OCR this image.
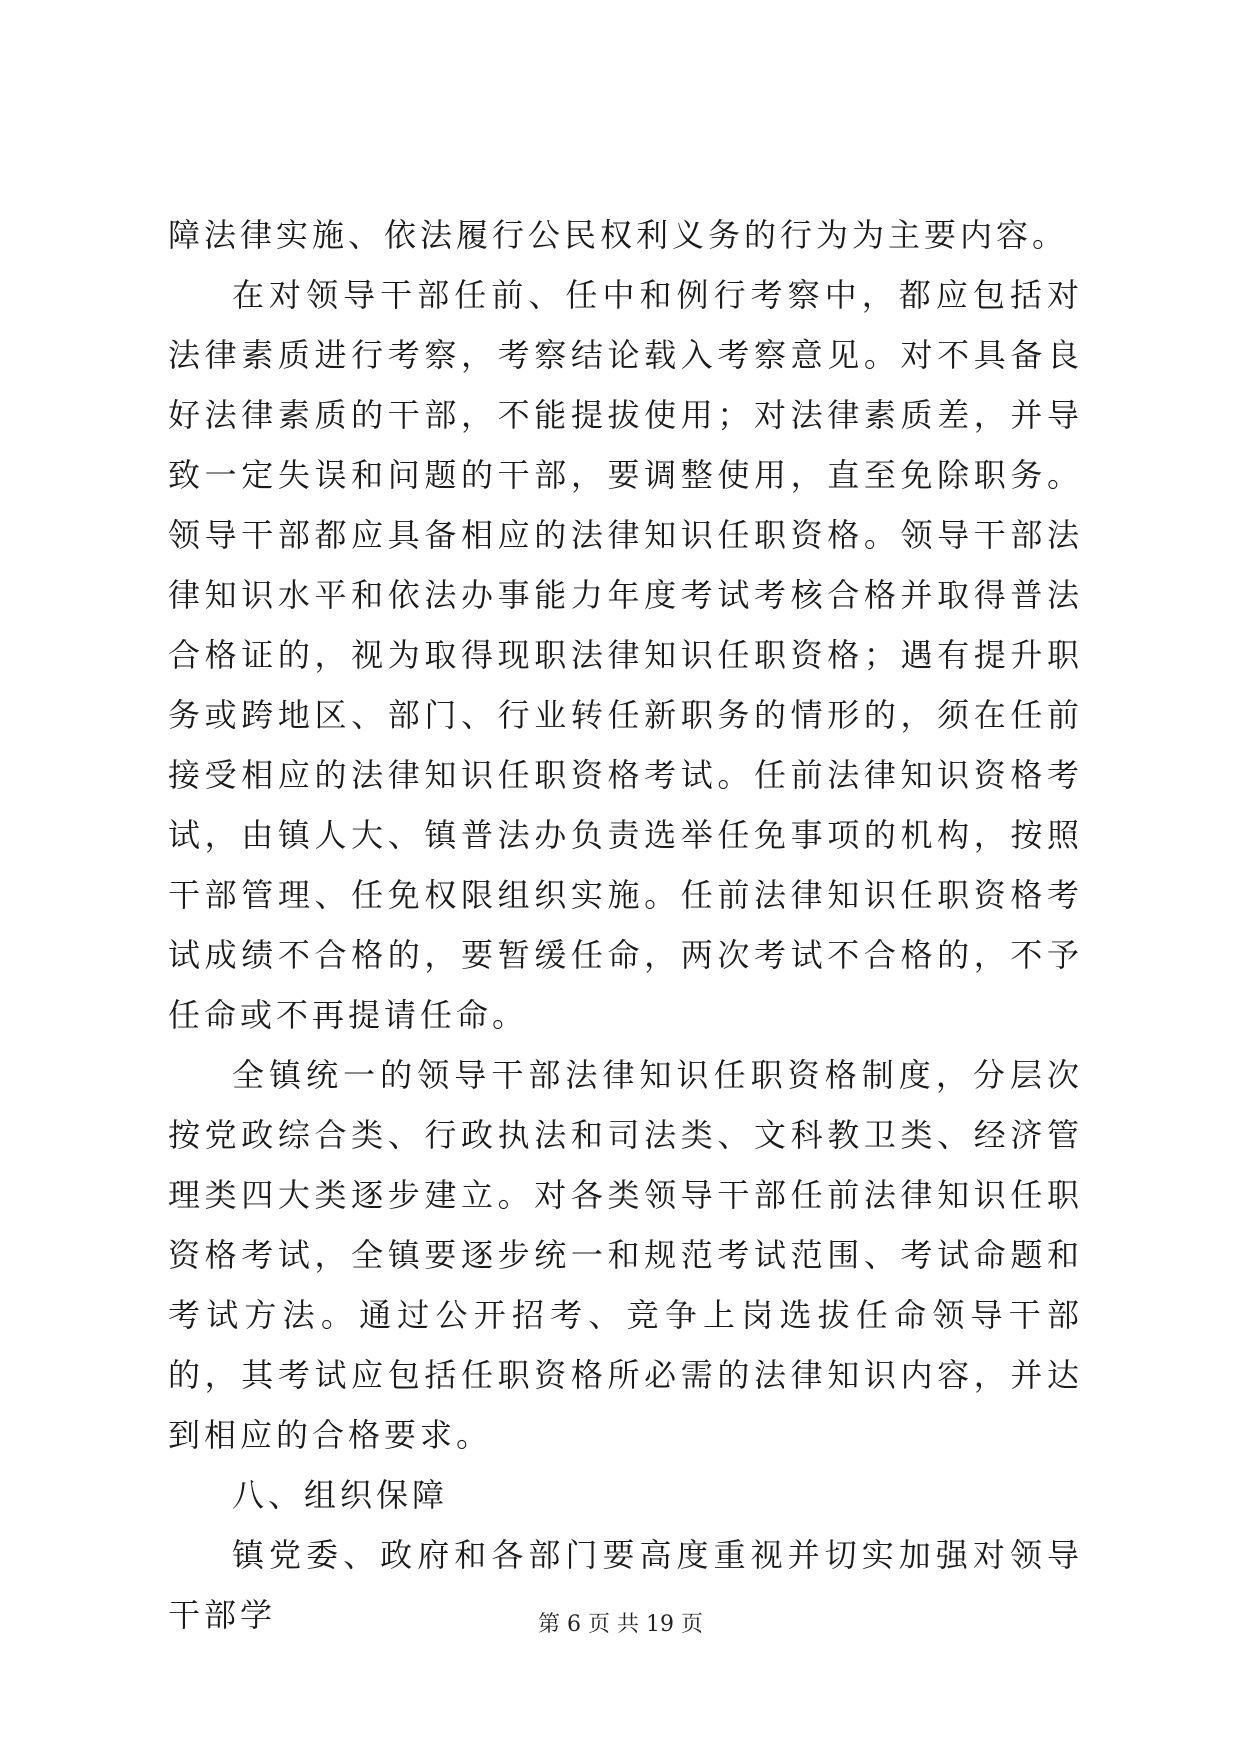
障法律实施、依法履行公民权利义务的行为为主要内容。

在对领导干部任前、任中和例行考察中，都应包括对法律素质进行考察，考察结论载入考察意见。对不具备良好法律素质的干部，不能提拔使用；对法律素质差，并导致一定失误和问题的干部，要调整使用，直至免除职务。领导干部都应具备相应的法律知识任职资格。领导干部法律知识水平和依法办事能力年度考试考核合格并取得普法合格证的，视为取得现职法律知识任职资格；遇有提升职务或跨地区、部门、行业转任新职务的情形的，须在任前接受相应的法律知识任职资格考试。任前法律知识资格考试，由镇人大、镇普法办负责选举任免事项的机构，按照干部管理、任免权限组织实施。任前法律知识任职资格考试成绩不合格的，要暂缓任命，两次考试不合格的，不予任命或不再提请任命。

全镇统一的领导干部法律知识任职资格制度，分层次按党政综合类、行政执法和司法类、文科教卫类、经济管理类四大类逐步建立。对各类领导干部任前法律知识任职资格考试，全镇要逐步统一和规范考试范围、考试命题和考试方法。通过公开招考、竞争上岗选拔任命领导干部的，其考试应包括任职资格所必需的法律知识内容，并达到相应的合格要求。

八、组织保障

镇党委、政府和各部门要高度重视并切实加强对领导干部学	第 6 页 共 19 页
